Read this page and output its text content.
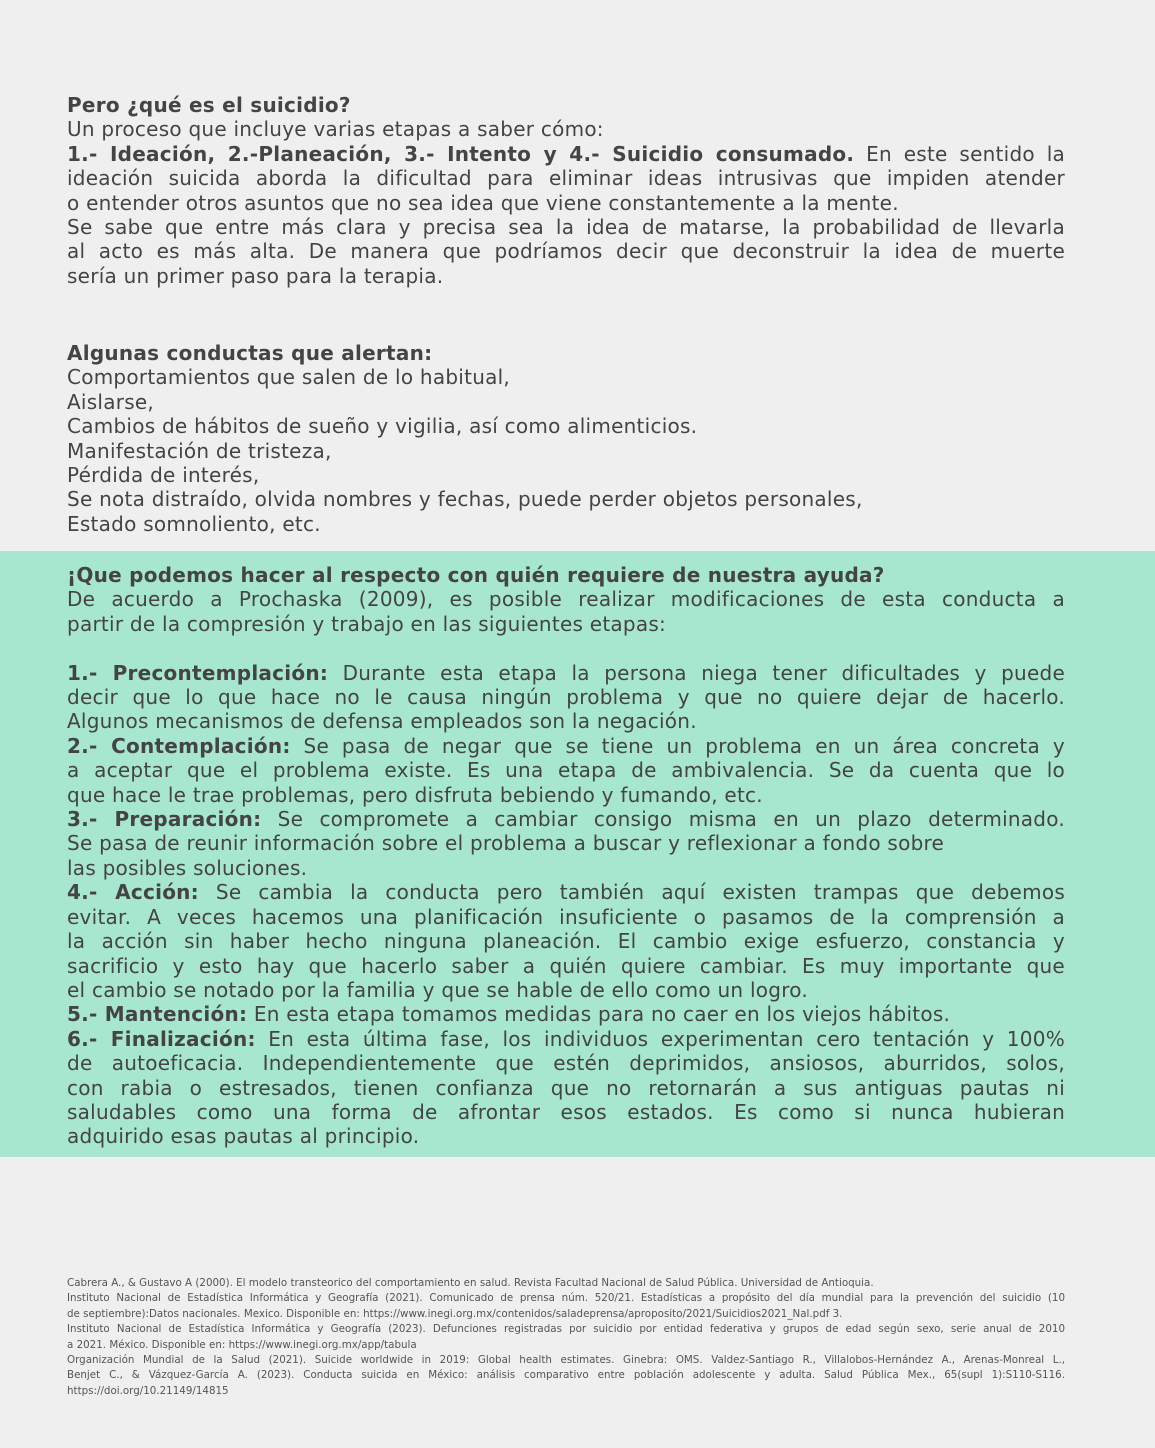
Pero ¿qué es el suicidio?
Un proceso que incluye varias etapas a saber cómo:
1.- Ideación, 2.-Planeación, 3.- Intento y 4.- Suicidio consumado. En este sentido la
ideación suicida aborda la dificultad para eliminar ideas intrusivas que impiden atender
o entender otros asuntos que no sea idea que viene constantemente a la mente.
Se sabe que entre más clara y precisa sea la idea de matarse, la probabilidad de llevarla
al acto es más alta. De manera que podríamos decir que deconstruir la idea de muerte
sería un primer paso para la terapia.
Algunas conductas que alertan:
Comportamientos que salen de lo habitual,
Aislarse,
Cambios de hábitos de sueño y vigilia, así como alimenticios.
Manifestación de tristeza,
Pérdida de interés,
Se nota distraído, olvida nombres y fechas, puede perder objetos personales,
Estado somnoliento, etc.
¡Que podemos hacer al respecto con quién requiere de nuestra ayuda?
De acuerdo a Prochaska (2009), es posible realizar modificaciones de esta conducta a
partir de la compresión y trabajo en las siguientes etapas:

1.- Precontemplación: Durante esta etapa la persona niega tener dificultades y puede
decir que lo que hace no le causa ningún problema y que no quiere dejar de hacerlo.
Algunos mecanismos de defensa empleados son la negación.
2.- Contemplación: Se pasa de negar que se tiene un problema en un área concreta y
a aceptar que el problema existe. Es una etapa de ambivalencia. Se da cuenta que lo
que hace le trae problemas, pero disfruta bebiendo y fumando, etc.
3.- Preparación: Se compromete a cambiar consigo misma en un plazo determinado.
Se pasa de reunir información sobre el problema a buscar y reflexionar a fondo sobre
las posibles soluciones.
4.- Acción: Se cambia la conducta pero también aquí existen trampas que debemos
evitar. A veces hacemos una planificación insuficiente o pasamos de la comprensión a
la acción sin haber hecho ninguna planeación. El cambio exige esfuerzo, constancia y
sacrificio y esto hay que hacerlo saber a quién quiere cambiar. Es muy importante que
el cambio se notado por la familia y que se hable de ello como un logro.
5.- Mantención: En esta etapa tomamos medidas para no caer en los viejos hábitos.
6.- Finalización: En esta última fase, los individuos experimentan cero tentación y 100%
de autoeficacia. Independientemente que estén deprimidos, ansiosos, aburridos, solos,
con rabia o estresados, tienen confianza que no retornarán a sus antiguas pautas ni
saludables como una forma de afrontar esos estados. Es como si nunca hubieran
adquirido esas pautas al principio.
Cabrera A., & Gustavo A (2000). El modelo transteorico del comportamiento en salud. Revista Facultad Nacional de Salud Pública. Universidad de Antioquia.
Instituto Nacional de Estadística Informática y Geografía (2021). Comunicado de prensa núm. 520/21. Estadísticas a propósito del día mundial para la prevención del suicidio (10
de septiembre):Datos nacionales. Mexico. Disponible en: https://www.inegi.org.mx/contenidos/saladeprensa/aproposito/2021/Suicidios2021_Nal.pdf 3.
Instituto Nacional de Estadística Informática y Geografía (2023). Defunciones registradas por suicidio por entidad federativa y grupos de edad según sexo, serie anual de 2010
a 2021. México. Disponible en: https://www.inegi.org.mx/app/tabula
Organización Mundial de la Salud (2021). Suicide worldwide in 2019: Global health estimates. Ginebra: OMS. Valdez-Santiago R., Villalobos-Hernández A., Arenas-Monreal L.,
Benjet C., & Vázquez-García A. (2023). Conducta suicida en México: análisis comparativo entre población adolescente y adulta. Salud Pública Mex., 65(supl 1):S110-S116.
https://doi.org/10.21149/14815
